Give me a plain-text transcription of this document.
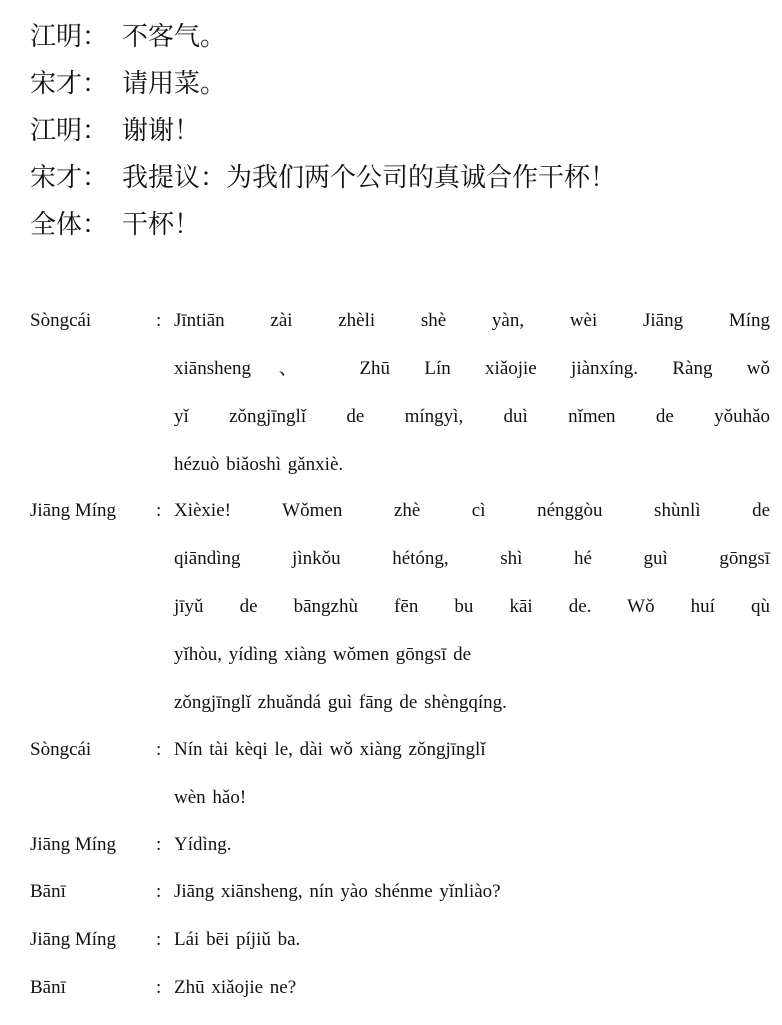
江明： 不客气。
宋才： 请用菜。
江明： 谢谢！
宋才： 我提议：为我们两个公司的真诚合作干杯！
全体： 干杯！
Sòngcái	: Jīntiān zài zhèli shè yàn, wèi Jiāng Míng
xiānsheng、 Zhū Lín xiǎojie jiànxíng. Ràng wǒ
yǐ zǒngjīnglǐ de míngyì, duì nǐmen de yǒuhǎo
hézuò biǎoshì gǎnxiè.
Jiāng Míng : Xièxie! Wǒmen zhè cì nénggòu shùnlì de
qiāndìng jìnkǒu hétóng, shì hé guì gōngsī
jīyǔ de bāngzhù fēn bu kāi de. Wǒ huí qù
yǐhòu, yídìng xiàng wǒmen gōngsī de
zǒngjīnglǐ zhuǎndá guì fāng de shèngqíng.
Sòngcái	: Nín tài kèqi le, dài wǒ xiàng zǒngjīnglǐ
wèn hǎo!
Jiāng Míng : Yídìng.
Bānī	: Jiāng xiānsheng, nín yào shénme yǐnliào?
Jiāng Míng : Lái bēi píjiǔ ba.
Bānī	: Zhū xiǎojie ne?
